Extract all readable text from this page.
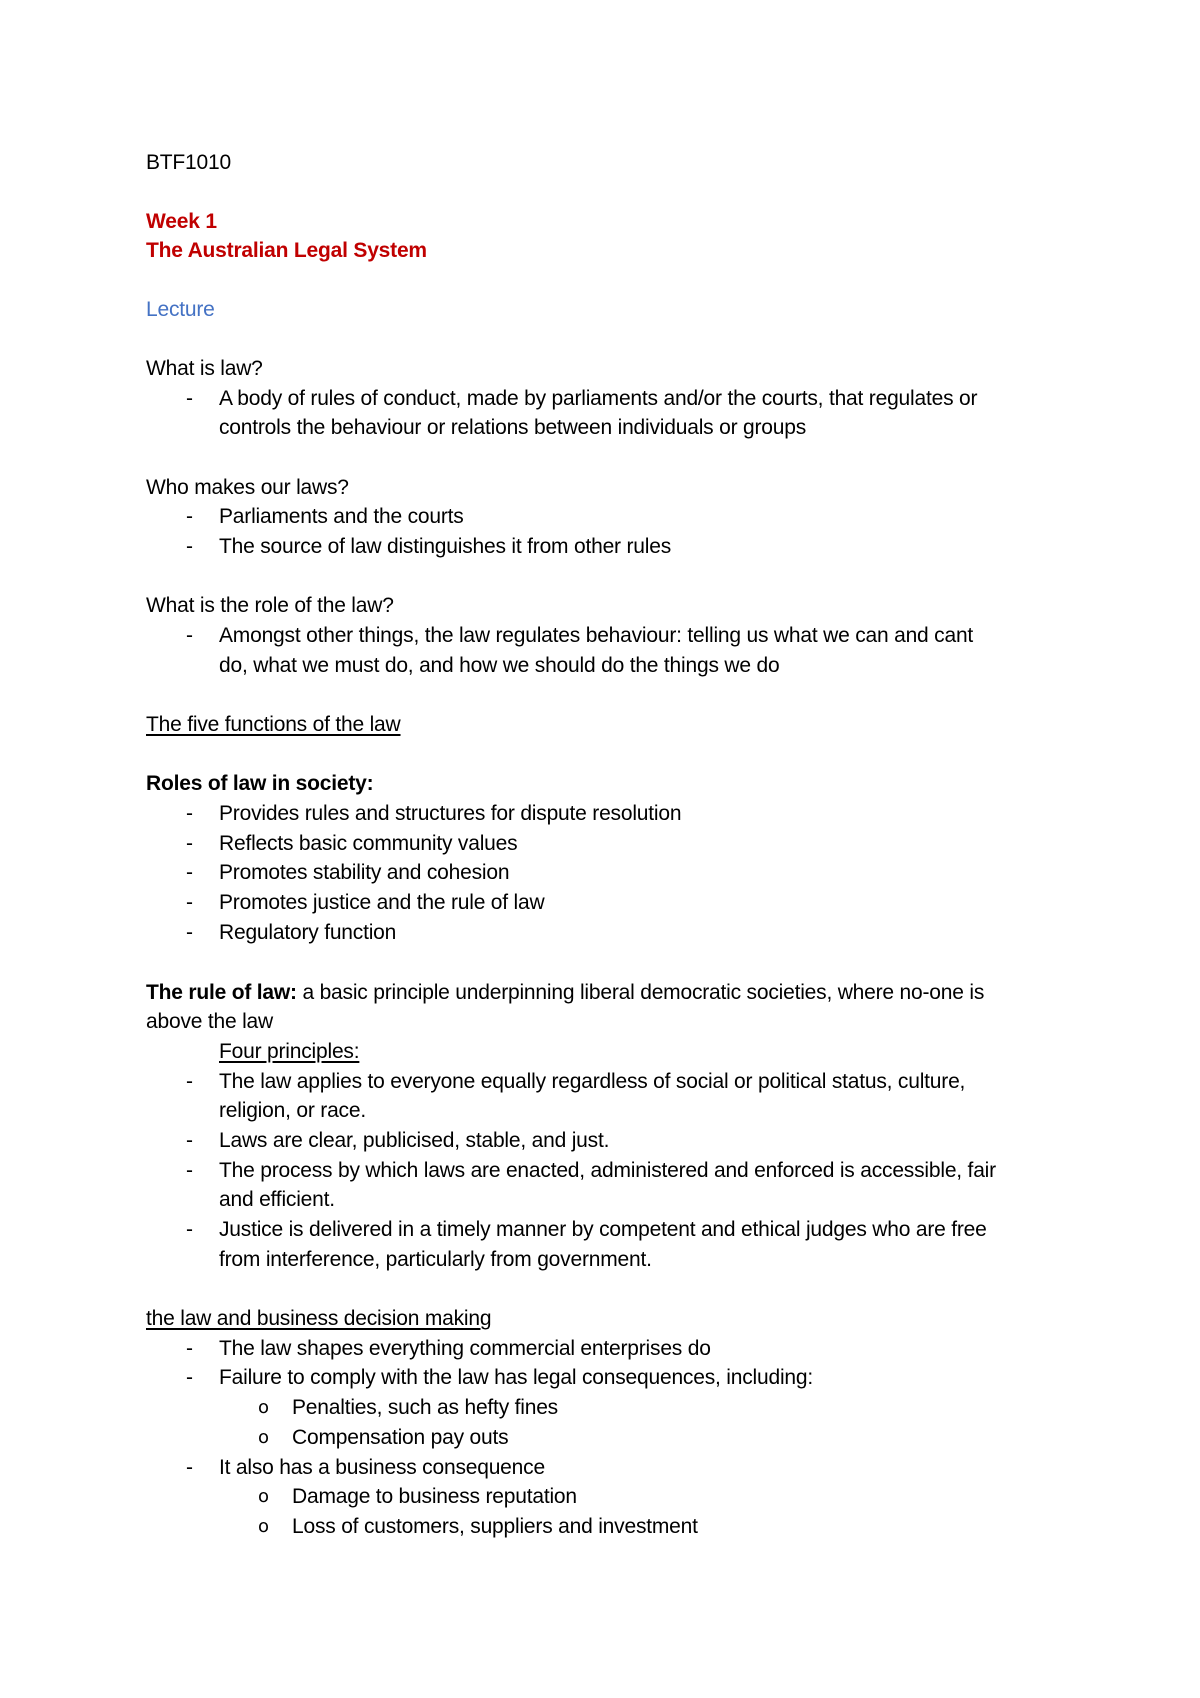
BTF1010
Week 1
The Australian Legal System
Lecture
What is law?
- A body of rules of conduct, made by parliaments and/or the courts, that regulates or
controls the behaviour or relations between individuals or groups
Who makes our laws?
- Parliaments and the courts
- The source of law distinguishes it from other rules
What is the role of the law?
- Amongst other things, the law regulates behaviour: telling us what we can and cant
do, what we must do, and how we should do the things we do
The five functions of the law
Roles of law in society:
- Provides rules and structures for dispute resolution
- Reflects basic community values
- Promotes stability and cohesion
- Promotes justice and the rule of law
- Regulatory function
The rule of law: a basic principle underpinning liberal democratic societies, where no-one is
above the law
Four principles:
- The law applies to everyone equally regardless of social or political status, culture,
religion, or race.
- Laws are clear, publicised, stable, and just.
- The process by which laws are enacted, administered and enforced is accessible, fair
and efficient.
- Justice is delivered in a timely manner by competent and ethical judges who are free
from interference, particularly from government.
the law and business decision making
- The law shapes everything commercial enterprises do
- Failure to comply with the law has legal consequences, including:
o Penalties, such as hefty fines
o Compensation pay outs
- It also has a business consequence
o Damage to business reputation
o Loss of customers, suppliers and investment
